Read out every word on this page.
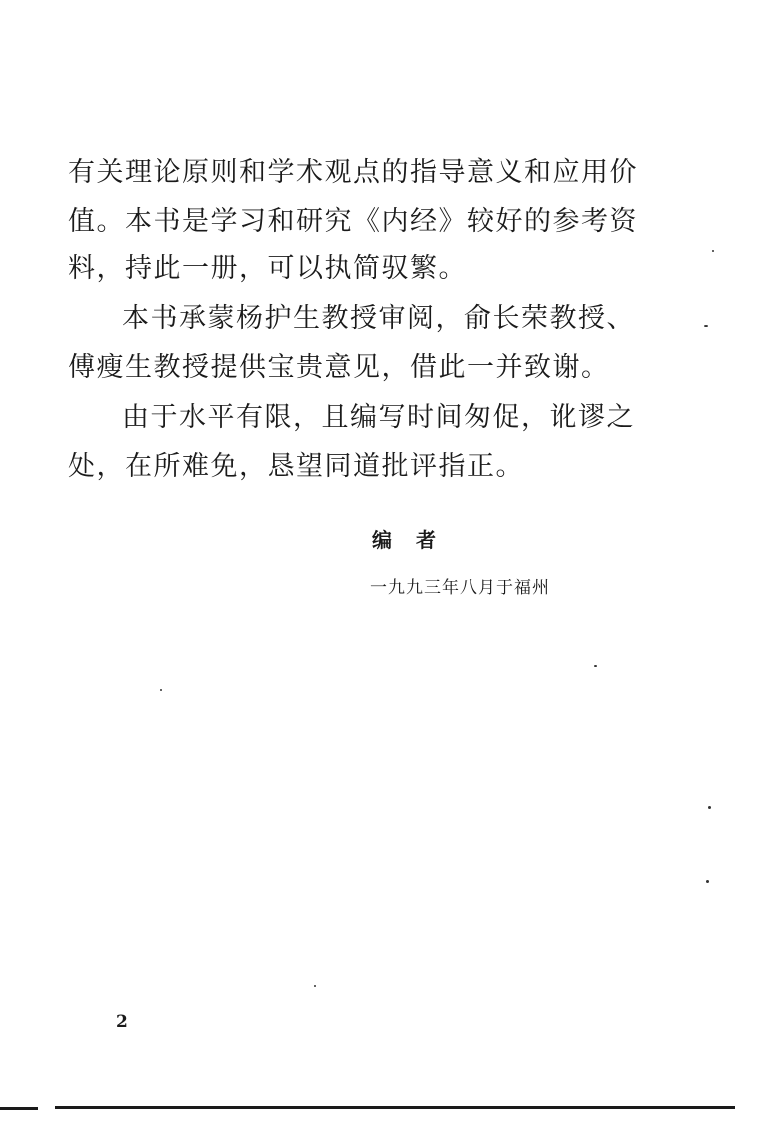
有关理论原则和学术观点的指导意义和应用价
值。本书是学习和研究《内经》较好的参考资
料，持此一册，可以执简驭繁。
本书承蒙杨护生教授审阅，俞长荣教授、
傅瘦生教授提供宝贵意见，借此一并致谢。
由于水平有限，且编写时间匆促，讹谬之
处，在所难免，恳望同道批评指正。
编者
一九九三年八月于福州
2
